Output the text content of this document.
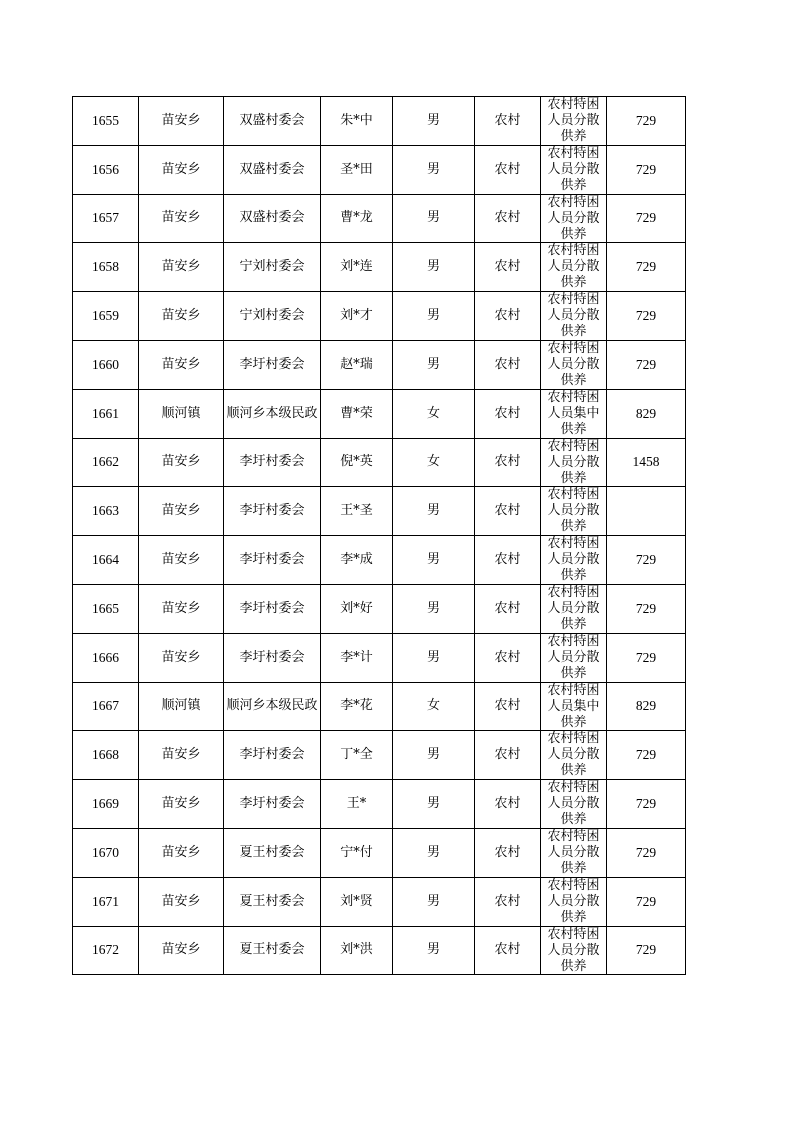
1655	苗安乡	双盛村委会	朱*中	男	农村	农村特困人员分散供养	729

1656	苗安乡	双盛村委会	圣*田	男	农村	农村特困人员分散供养	729

1657	苗安乡	双盛村委会	曹*龙	男	农村	农村特困人员分散供养	729

1658	苗安乡	宁刘村委会	刘*连	男	农村	农村特困人员分散供养	729

1659	苗安乡	宁刘村委会	刘*才	男	农村	农村特困人员分散供养	729

1660	苗安乡	李圩村委会	赵*瑞	男	农村	农村特困人员分散供养	729

1661	顺河镇	顺河乡本级民政	曹*荣	女	农村	农村特困人员集中供养	829

1662	苗安乡	李圩村委会	倪*英	女	农村	农村特困人员分散供养	1458

1663	苗安乡	李圩村委会	王*圣	男	农村	农村特困人员分散供养	

1664	苗安乡	李圩村委会	李*成	男	农村	农村特困人员分散供养	729

1665	苗安乡	李圩村委会	刘*好	男	农村	农村特困人员分散供养	729

1666	苗安乡	李圩村委会	李*计	男	农村	农村特困人员分散供养	729

1667	顺河镇	顺河乡本级民政	李*花	女	农村	农村特困人员集中供养	829

1668	苗安乡	李圩村委会	丁*全	男	农村	农村特困人员分散供养	729

1669	苗安乡	李圩村委会	王*	男	农村	农村特困人员分散供养	729

1670	苗安乡	夏王村委会	宁*付	男	农村	农村特困人员分散供养	729

1671	苗安乡	夏王村委会	刘*贤	男	农村	农村特困人员分散供养	729

1672	苗安乡	夏王村委会	刘*洪	男	农村	农村特困人员分散供养	729
